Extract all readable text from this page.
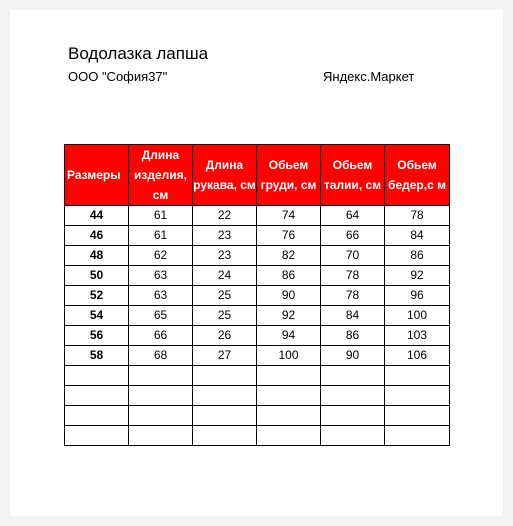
Водолазка лапша
ООО "София37"	Яндекс.Маркет
Размеры	Длина изделия, см	Длина рукава, см	Обьем груди, см	Обьем талии, см	Обьем бедер,с м
44	61	22	74	64	78
46	61	23	76	66	84
48	62	23	82	70	86
50	63	24	86	78	92
52	63	25	90	78	96
54	65	25	92	84	100
56	66	26	94	86	103
58	68	27	100	90	106
